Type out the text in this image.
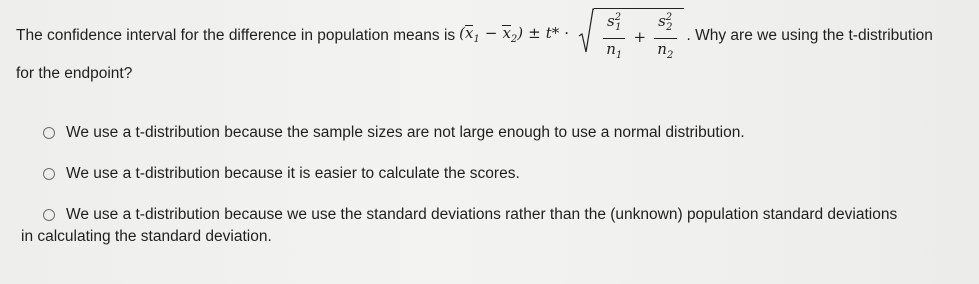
The confidence interval for the difference in population means is $(x_1 - x_2) \pm t*$ ·	$\frac{s^2_1}{n_1} + \frac{s^2_2}{n_2}$ . Why are we using the t-distribution
for the endpoint?
We use a t-distribution because the sample sizes are not large enough to use a normal distribution.
We use a t-distribution because it is easier to calculate the scores.
We use a t-distribution because we use the standard deviations rather than the (unknown) population standard deviations
in calculating the standard deviation.
